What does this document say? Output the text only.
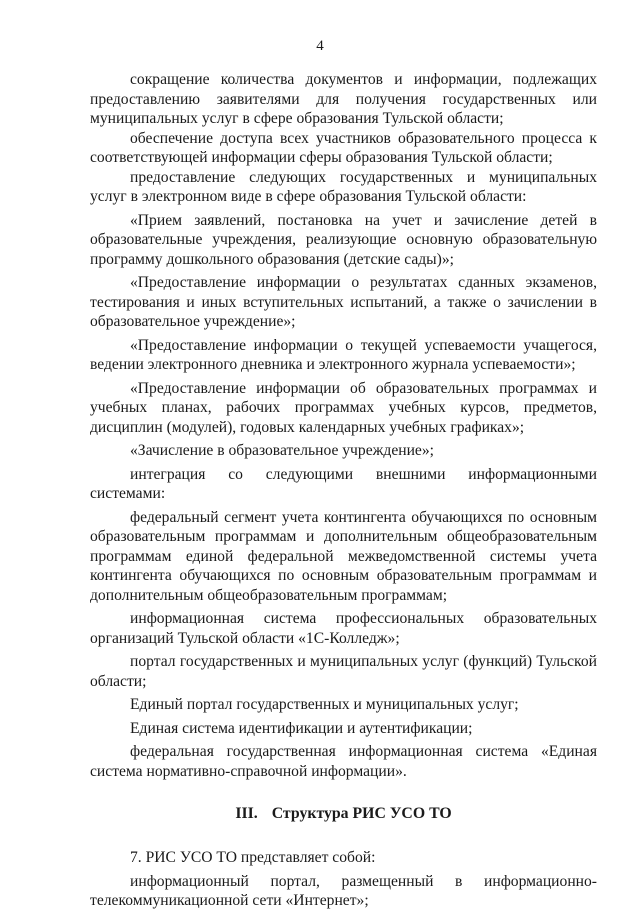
4

сокращение количества документов и информации, подлежащих предоставлению заявителями для получения государственных или муниципальных услуг в сфере образования Тульской области;

обеспечение доступа всех участников образовательного процесса к соответствующей информации сферы образования Тульской области;

предоставление следующих государственных и муниципальных услуг в электронном виде в сфере образования Тульской области:

«Прием заявлений, постановка на учет и зачисление детей в образовательные учреждения, реализующие основную образовательную программу дошкольного образования (детские сады)»;

«Предоставление информации о результатах сданных экзаменов, тестирования и иных вступительных испытаний, а также о зачислении в образовательное учреждение»;

«Предоставление информации о текущей успеваемости учащегося, ведении электронного дневника и электронного журнала успеваемости»;

«Предоставление информации об образовательных программах и учебных планах, рабочих программах учебных курсов, предметов, дисциплин (модулей), годовых календарных учебных графиках»;

«Зачисление в образовательное учреждение»;

интеграция со следующими внешними информационными системами:

федеральный сегмент учета контингента обучающихся по основным образовательным программам и дополнительным общеобразовательным программам единой федеральной межведомственной системы учета контингента обучающихся по основным образовательным программам и дополнительным общеобразовательным программам;

информационная система профессиональных образовательных организаций Тульской области «1С-Колледж»;

портал государственных и муниципальных услуг (функций) Тульской области;

Единый портал государственных и муниципальных услуг;

Единая система идентификации и аутентификации;

федеральная государственная информационная система «Единая система нормативно-справочной информации».

III. Структура РИС УСО ТО

7. РИС УСО ТО представляет собой:

информационный портал, размещенный в информационно-телекоммуникационной сети «Интернет»;
